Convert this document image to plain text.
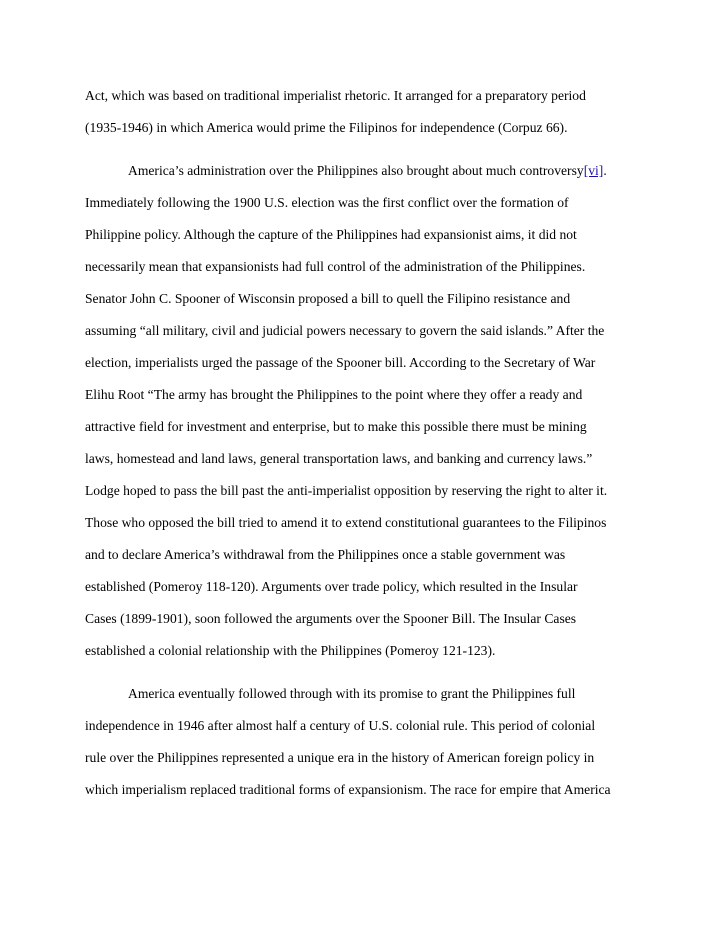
Act, which was based on traditional imperialist rhetoric. It arranged for a preparatory period
(1935-1946) in which America would prime the Filipinos for independence (Corpuz 66).
America’s administration over the Philippines also brought about much controversy[vi].
Immediately following the 1900 U.S. election was the first conflict over the formation of
Philippine policy. Although the capture of the Philippines had expansionist aims, it did not
necessarily mean that expansionists had full control of the administration of the Philippines.
Senator John C. Spooner of Wisconsin proposed a bill to quell the Filipino resistance and
assuming “all military, civil and judicial powers necessary to govern the said islands.” After the
election, imperialists urged the passage of the Spooner bill. According to the Secretary of War
Elihu Root “The army has brought the Philippines to the point where they offer a ready and
attractive field for investment and enterprise, but to make this possible there must be mining
laws, homestead and land laws, general transportation laws, and banking and currency laws.”
Lodge hoped to pass the bill past the anti-imperialist opposition by reserving the right to alter it.
Those who opposed the bill tried to amend it to extend constitutional guarantees to the Filipinos
and to declare America’s withdrawal from the Philippines once a stable government was
established (Pomeroy 118-120). Arguments over trade policy, which resulted in the Insular
Cases (1899-1901), soon followed the arguments over the Spooner Bill. The Insular Cases
established a colonial relationship with the Philippines (Pomeroy 121-123).
America eventually followed through with its promise to grant the Philippines full
independence in 1946 after almost half a century of U.S. colonial rule. This period of colonial
rule over the Philippines represented a unique era in the history of American foreign policy in
which imperialism replaced traditional forms of expansionism. The race for empire that America
